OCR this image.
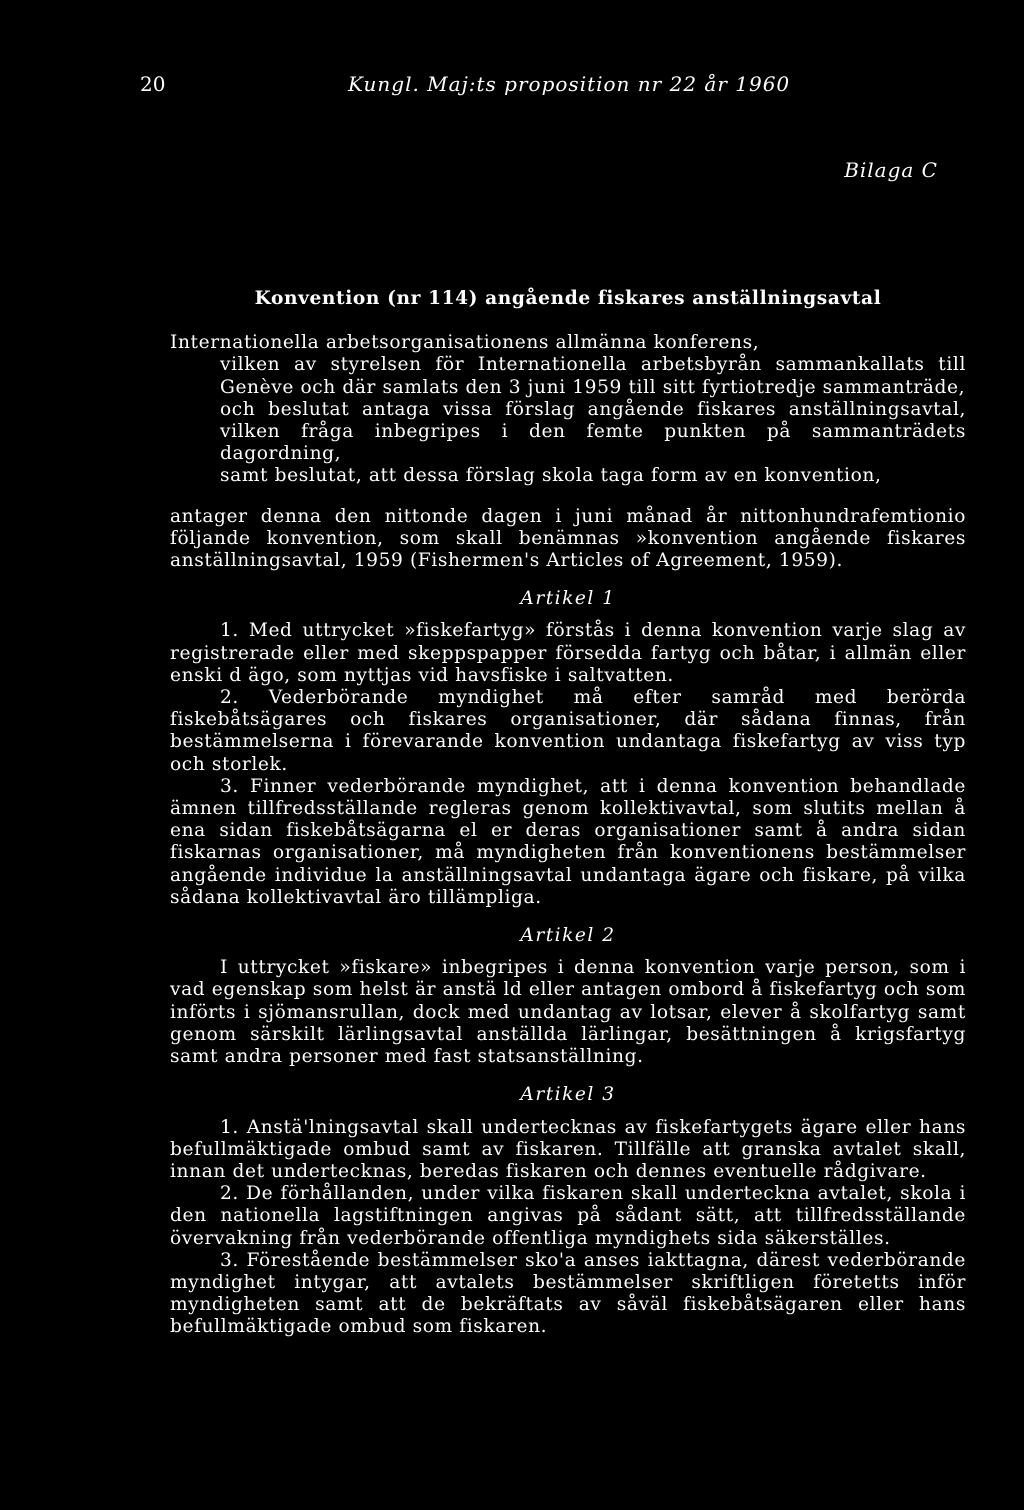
20	Kungl. Maj:ts proposition nr 22 år 1960
Bilaga C
Konvention (nr 114) angående fiskares anställningsavtal

Internationella arbetsorganisationens allmänna konferens,

vilken av styrelsen för Internationella arbetsbyrån sammankallats till Genève och där samlats den 3 juni 1959 till sitt fyrtiotredje sammanträde,

och beslutat antaga vissa förslag angående fiskares anställningsavtal, vilken fråga inbegripes i den femte punkten på sammanträdets dagordning,

samt beslutat, att dessa förslag skola taga form av en konvention,

antager denna den nittonde dagen i juni månad år nittonhundrafemtionio följande konvention, som skall benämnas »konvention angående fiskares anställningsavtal, 1959 (Fishermen's Articles of Agreement, 1959).

Artikel 1

1. Med uttrycket »fiskefartyg» förstås i denna konvention varje slag av registrerade eller med skeppspapper försedda fartyg och båtar, i allmän eller enski d ägo, som nyttjas vid havsfiske i saltvatten.

2. Vederbörande myndighet må efter samråd med berörda fiskebåtsägares och fiskares organisationer, där sådana finnas, från bestämmelserna i förevarande konvention undantaga fiskefartyg av viss typ och storlek.

3. Finner vederbörande myndighet, att i denna konvention behandlade ämnen tillfredsställande regleras genom kollektivavtal, som slutits mellan å ena sidan fiskebåtsägarna el er deras organisationer samt å andra sidan fiskarnas organisationer, må myndigheten från konventionens bestämmelser angående individue la anställningsavtal undantaga ägare och fiskare, på vilka sådana kollektivavtal äro tillämpliga.

Artikel 2

I uttrycket »fiskare» inbegripes i denna konvention varje person, som i vad egenskap som helst är anstä ld eller antagen ombord å fiskefartyg och som införts i sjömansrullan, dock med undantag av lotsar, elever å skolfartyg samt genom särskilt lärlingsavtal anställda lärlingar, besättningen å krigsfartyg samt andra personer med fast statsanställning.

Artikel 3

1. Anstä'lningsavtal skall undertecknas av fiskefartygets ägare eller hans befullmäktigade ombud samt av fiskaren. Tillfälle att granska avtalet skall, innan det undertecknas, beredas fiskaren och dennes eventuelle rådgivare.

2. De förhållanden, under vilka fiskaren skall underteckna avtalet, skola i den nationella lagstiftningen angivas på sådant sätt, att tillfredsställande övervakning från vederbörande offentliga myndighets sida säkerställes.

3. Förestående bestämmelser sko'a anses iakttagna, därest vederbörande myndighet intygar, att avtalets bestämmelser skriftligen företetts inför myndigheten samt att de bekräftats av såväl fiskebåtsägaren eller hans befullmäktigade ombud som fiskaren.
